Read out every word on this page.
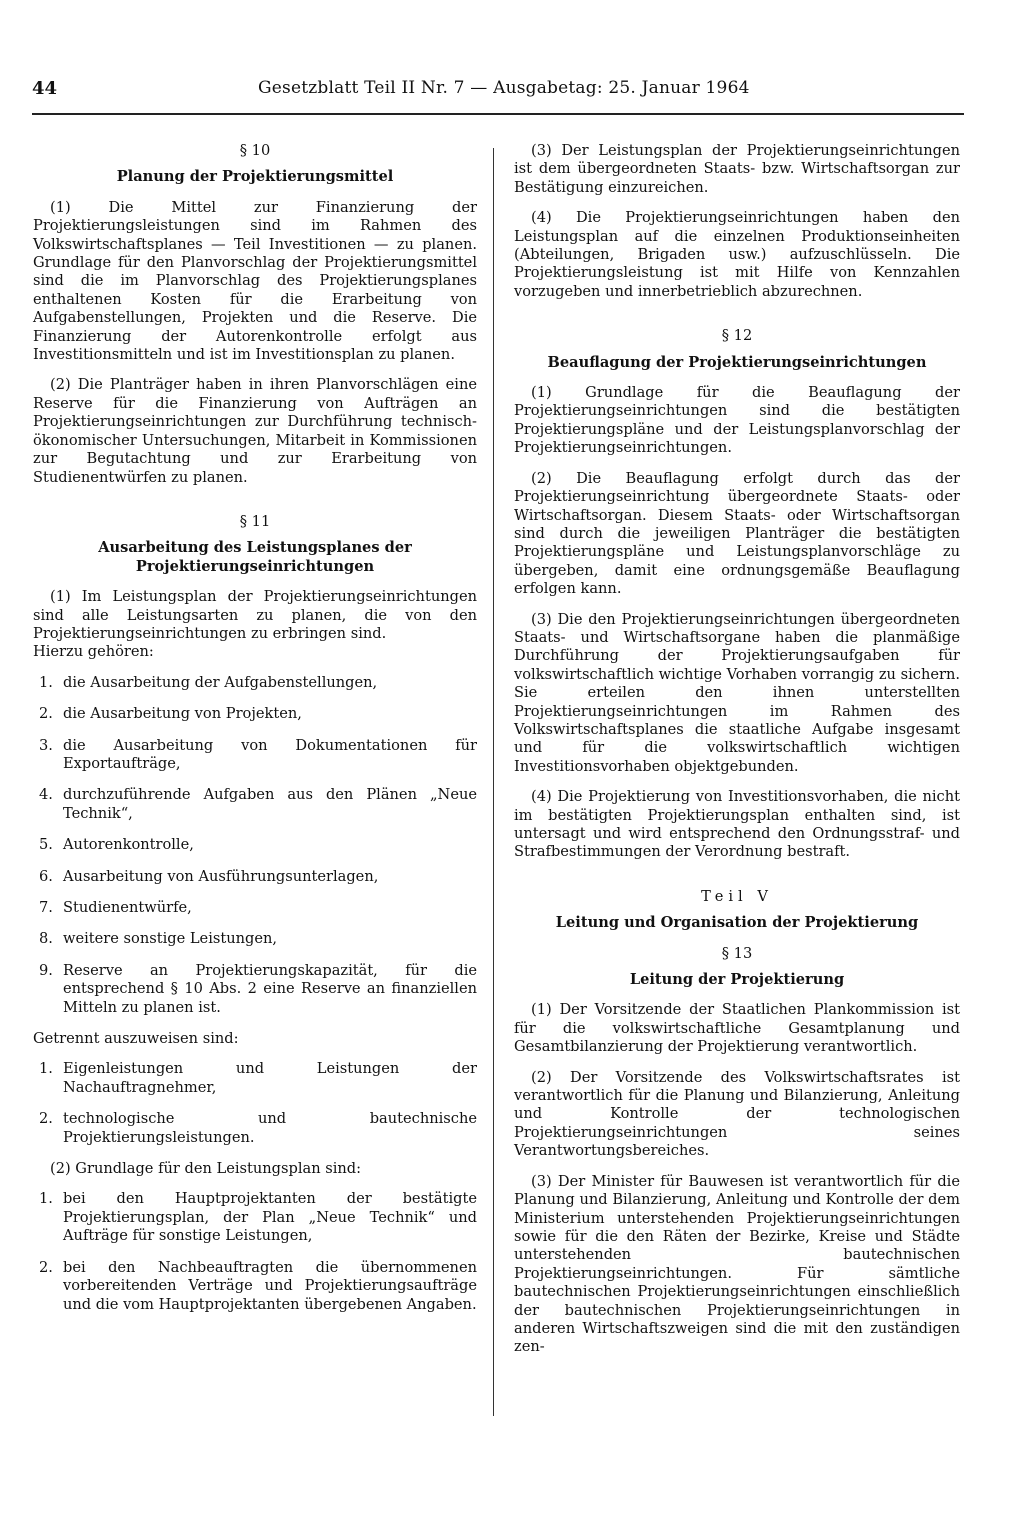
44	Gesetzblatt Teil II Nr. 7 — Ausgabetag: 25. Januar 1964

§ 10

Planung der Projektierungsmittel

(1) Die Mittel zur Finanzierung der Projektierungsleistungen sind im Rahmen des Volkswirtschaftsplanes — Teil Investitionen — zu planen. Grundlage für den Planvorschlag der Projektierungsmittel sind die im Planvorschlag des Projektierungsplanes enthaltenen Kosten für die Erarbeitung von Aufgabenstellungen, Projekten und die Reserve. Die Finanzierung der Autorenkontrolle erfolgt aus Investitionsmitteln und ist im Investitionsplan zu planen.

(2) Die Planträger haben in ihren Planvorschlägen eine Reserve für die Finanzierung von Aufträgen an Projektierungseinrichtungen zur Durchführung technisch-ökonomischer Untersuchungen, Mitarbeit in Kommissionen zur Begutachtung und zur Erarbeitung von Studienentwürfen zu planen.

§ 11

Ausarbeitung des Leistungsplanes der Projektierungseinrichtungen

(1) Im Leistungsplan der Projektierungseinrichtungen sind alle Leistungsarten zu planen, die von den Projektierungseinrichtungen zu erbringen sind.

Hierzu gehören:

1. die Ausarbeitung der Aufgabenstellungen,
2. die Ausarbeitung von Projekten,
3. die Ausarbeitung von Dokumentationen für Exportaufträge,
4. durchzuführende Aufgaben aus den Plänen „Neue Technik“,
5. Autorenkontrolle,
6. Ausarbeitung von Ausführungsunterlagen,
7. Studienentwürfe,
8. weitere sonstige Leistungen,
9. Reserve an Projektierungskapazität, für die entsprechend § 10 Abs. 2 eine Reserve an finanziellen Mitteln zu planen ist.

Getrennt auszuweisen sind:

1. Eigenleistungen und Leistungen der Nachauftragnehmer,
2. technologische und bautechnische Projektierungsleistungen.

(2) Grundlage für den Leistungsplan sind:

1. bei den Hauptprojektanten der bestätigte Projektierungsplan, der Plan „Neue Technik“ und Aufträge für sonstige Leistungen,
2. bei den Nachbeauftragten die übernommenen vorbereitenden Verträge und Projektierungsaufträge und die vom Hauptprojektanten übergebenen Angaben.

(3) Der Leistungsplan der Projektierungseinrichtungen ist dem übergeordneten Staats- bzw. Wirtschaftsorgan zur Bestätigung einzureichen.

(4) Die Projektierungseinrichtungen haben den Leistungsplan auf die einzelnen Produktionseinheiten (Abteilungen, Brigaden usw.) aufzuschlüsseln. Die Projektierungsleistung ist mit Hilfe von Kennzahlen vorzugeben und innerbetrieblich abzurechnen.

§ 12

Beauflagung der Projektierungseinrichtungen

(1) Grundlage für die Beauflagung der Projektierungseinrichtungen sind die bestätigten Projektierungspläne und der Leistungsplanvorschlag der Projektierungseinrichtungen.

(2) Die Beauflagung erfolgt durch das der Projektierungseinrichtung übergeordnete Staats- oder Wirtschaftsorgan. Diesem Staats- oder Wirtschaftsorgan sind durch die jeweiligen Planträger die bestätigten Projektierungspläne und Leistungsplanvorschläge zu übergeben, damit eine ordnungsgemäße Beauflagung erfolgen kann.

(3) Die den Projektierungseinrichtungen übergeordneten Staats- und Wirtschaftsorgane haben die planmäßige Durchführung der Projektierungsaufgaben für volkswirtschaftlich wichtige Vorhaben vorrangig zu sichern. Sie erteilen den ihnen unterstellten Projektierungseinrichtungen im Rahmen des Volkswirtschaftsplanes die staatliche Aufgabe insgesamt und für die volkswirtschaftlich wichtigen Investitionsvorhaben objektgebunden.

(4) Die Projektierung von Investitionsvorhaben, die nicht im bestätigten Projektierungsplan enthalten sind, ist untersagt und wird entsprechend den Ordnungsstraf- und Strafbestimmungen der Verordnung bestraft.

Teil V

Leitung und Organisation der Projektierung

§ 13

Leitung der Projektierung

(1) Der Vorsitzende der Staatlichen Plankommission ist für die volkswirtschaftliche Gesamtplanung und Gesamtbilanzierung der Projektierung verantwortlich.

(2) Der Vorsitzende des Volkswirtschaftsrates ist verantwortlich für die Planung und Bilanzierung, Anleitung und Kontrolle der technologischen Projektierungseinrichtungen seines Verantwortungsbereiches.

(3) Der Minister für Bauwesen ist verantwortlich für die Planung und Bilanzierung, Anleitung und Kontrolle der dem Ministerium unterstehenden Projektierungseinrichtungen sowie für die den Räten der Bezirke, Kreise und Städte unterstehenden bautechnischen Projektierungseinrichtungen. Für sämtliche bautechnischen Projektierungseinrichtungen einschließlich der bautechnischen Projektierungseinrichtungen in anderen Wirtschaftszweigen sind die mit den zuständigen zen-
